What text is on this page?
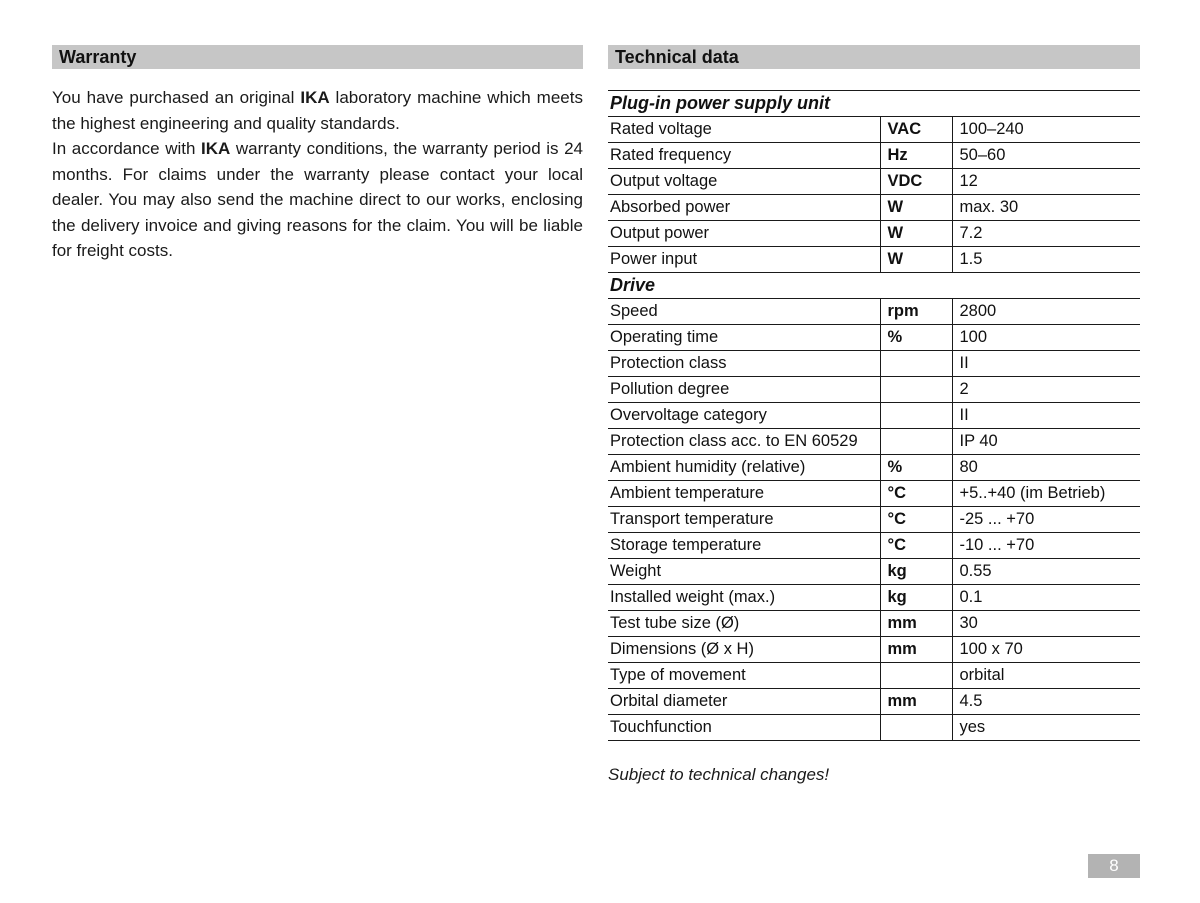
Warranty

You have purchased an original IKA laboratory machine which meets the highest engineering and quality standards.

In accordance with IKA warranty conditions, the warranty period is 24 months. For claims under the warranty please contact your local dealer. You may also send the machine direct to our works, enclosing the delivery invoice and giving reasons for the claim. You will be liable for freight costs.

Technical data
Plug-in power supply unit		
Rated voltage	VAC	100–240
Rated frequency	Hz	50–60
Output voltage	VDC	12
Absorbed power	W	max. 30
Output power	W	7.2
Power input	W	1.5
Drive		
Speed	rpm	2800
Operating time	%	100
Protection class		II
Pollution degree		2
Overvoltage category		II
Protection class acc. to EN 60529		IP 40
Ambient humidity (relative)	%	80
Ambient temperature	°C	+5..+40 (im Betrieb)
Transport temperature	°C	-25 ... +70
Storage temperature	°C	-10 ... +70
Weight	kg	0.55
Installed weight (max.)	kg	0.1
Test tube size (Ø)	mm	30
Dimensions (Ø x H)	mm	100 x 70
Type of movement		orbital
Orbital diameter	mm	4.5
Touchfunction		yes

Subject to technical changes!

8
